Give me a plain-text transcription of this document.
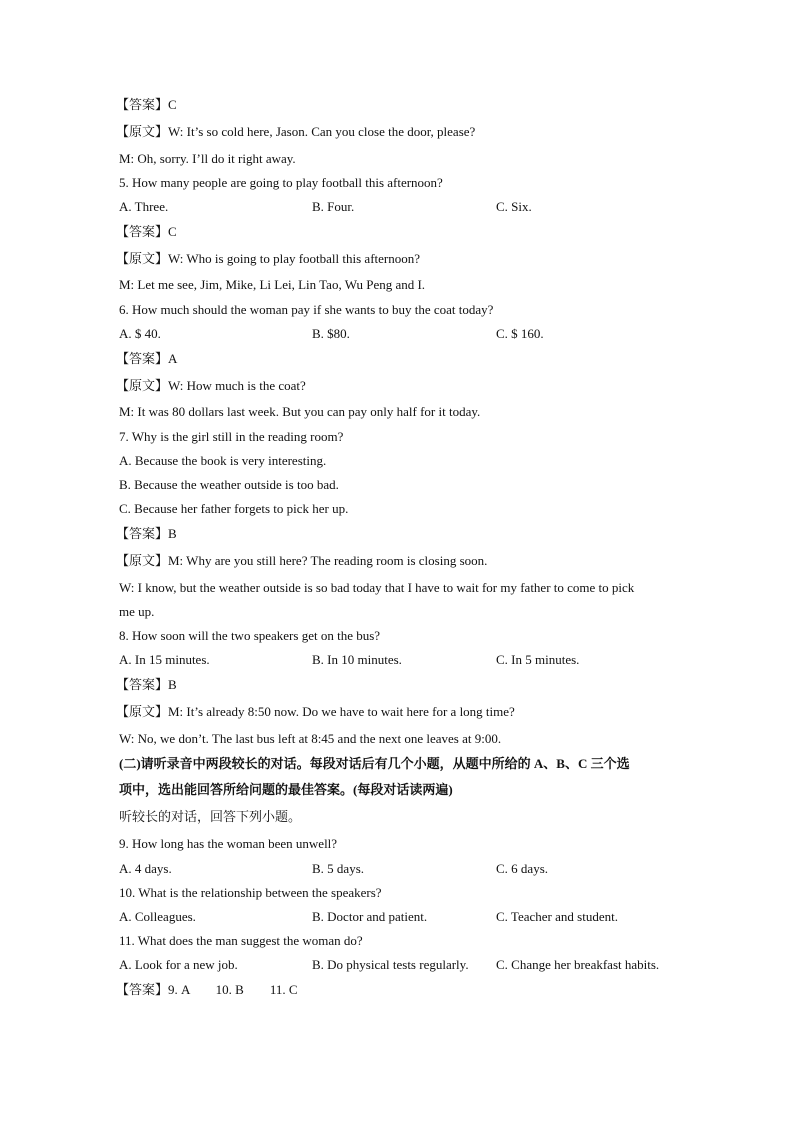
【答案】C
【原文】W: It’s so cold here, Jason. Can you close the door, please?
M: Oh, sorry. I’ll do it right away.
5. How many people are going to play football this afternoon?
A. Three.	B. Four.	C. Six.
【答案】C
【原文】W: Who is going to play football this afternoon?
M: Let me see, Jim, Mike, Li Lei, Lin Tao, Wu Peng and I.
6. How much should the woman pay if she wants to buy the coat today?
A. $ 40.	B. $80.	C. $ 160.
【答案】A
【原文】W: How much is the coat?
M: It was 80 dollars last week. But you can pay only half for it today.
7. Why is the girl still in the reading room?
A. Because the book is very interesting.
B. Because the weather outside is too bad.
C. Because her father forgets to pick her up.
【答案】B
【原文】M: Why are you still here? The reading room is closing soon.
W: I know, but the weather outside is so bad today that I have to wait for my father to come to pick
me up.
8. How soon will the two speakers get on the bus?
A. In 15 minutes.	B. In 10 minutes.	C. In 5 minutes.
【答案】B
【原文】M: It’s already 8:50 now. Do we have to wait here for a long time?
W: No, we don’t. The last bus left at 8:45 and the next one leaves at 9:00.
(二)请听录音中两段较长的对话。每段对话后有几个小题，从题中所给的 A、B、C 三个选
项中，选出能回答所给问题的最佳答案。(每段对话读两遍)
听较长的对话，回答下列小题。
9. How long has the woman been unwell?
A. 4 days.	B. 5 days.	C. 6 days.
10. What is the relationship between the speakers?
A. Colleagues.	B. Doctor and patient.	C. Teacher and student.
11. What does the man suggest the woman do?
A. Look for a new job.	B. Do physical tests regularly. C. Change her breakfast habits.
【答案】9. A        10. B        11. C
